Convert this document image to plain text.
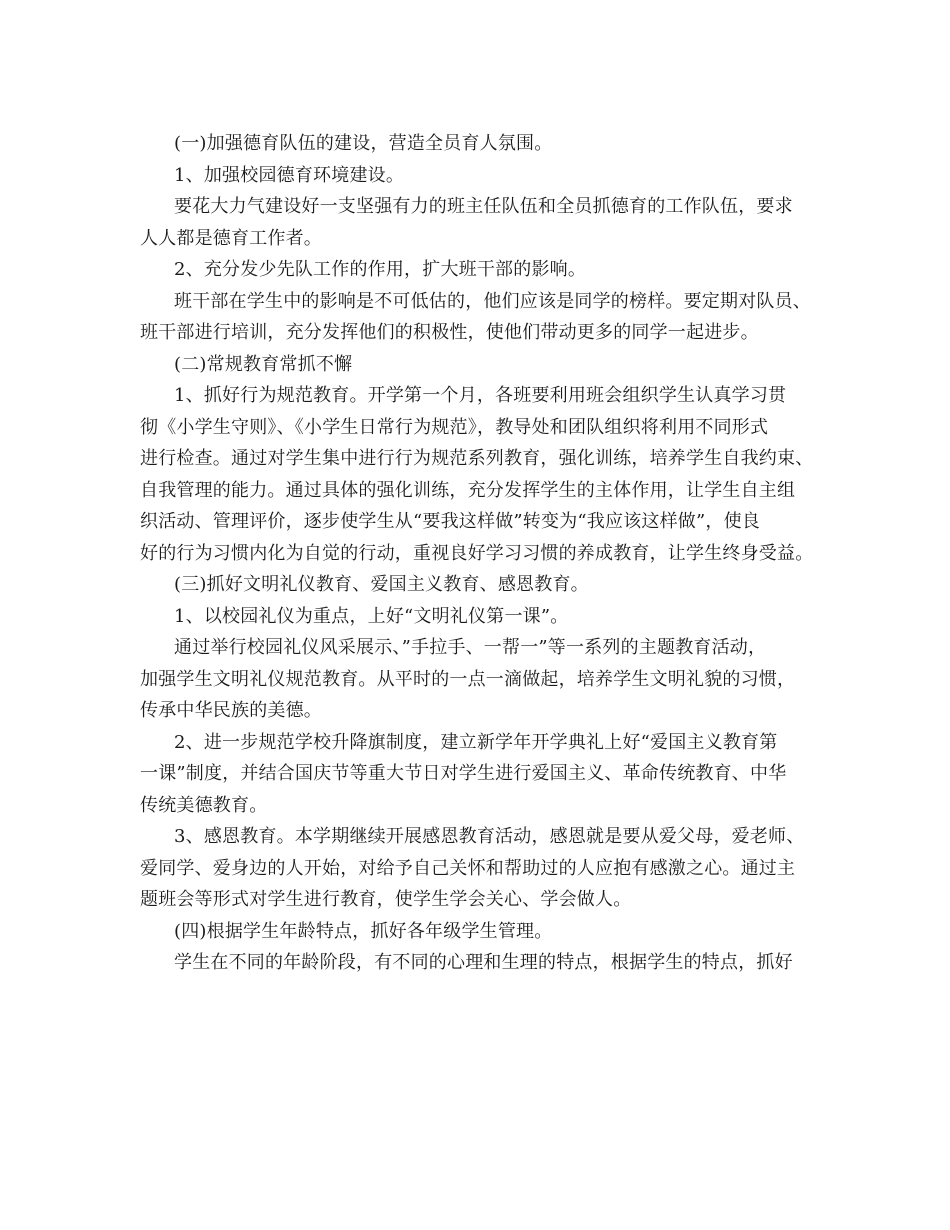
(一)加强德育队伍的建设，营造全员育人氛围。
1、加强校园德育环境建设。
要花大力气建设好一支坚强有力的班主任队伍和全员抓德育的工作队伍，要求
人人都是德育工作者。
2、充分发少先队工作的作用，扩大班干部的影响。
班干部在学生中的影响是不可低估的，他们应该是同学的榜样。要定期对队员、
班干部进行培训，充分发挥他们的积极性，使他们带动更多的同学一起进步。
(二)常规教育常抓不懈
1、抓好行为规范教育。开学第一个月，各班要利用班会组织学生认真学习贯
彻《小学生守则》、《小学生日常行为规范》，教导处和团队组织将利用不同形式
进行检查。通过对学生集中进行行为规范系列教育，强化训练，培养学生自我约束、
自我管理的能力。通过具体的强化训练，充分发挥学生的主体作用，让学生自主组
织活动、管理评价，逐步使学生从“要我这样做”转变为“我应该这样做”，使良
好的行为习惯内化为自觉的行动，重视良好学习习惯的养成教育，让学生终身受益。
(三)抓好文明礼仪教育、爱国主义教育、感恩教育。
1、以校园礼仪为重点，上好“文明礼仪第一课”。
通过举行校园礼仪风采展示、”手拉手、一帮一”等一系列的主题教育活动，
加强学生文明礼仪规范教育。从平时的一点一滴做起，培养学生文明礼貌的习惯，
传承中华民族的美德。
2、进一步规范学校升降旗制度，建立新学年开学典礼上好“爱国主义教育第
一课”制度，并结合国庆节等重大节日对学生进行爱国主义、革命传统教育、中华
传统美德教育。
3、感恩教育。本学期继续开展感恩教育活动，感恩就是要从爱父母，爱老师、
爱同学、爱身边的人开始，对给予自己关怀和帮助过的人应抱有感激之心。通过主
题班会等形式对学生进行教育，使学生学会关心、学会做人。
(四)根据学生年龄特点，抓好各年级学生管理。
学生在不同的年龄阶段，有不同的心理和生理的特点，根据学生的特点，抓好
